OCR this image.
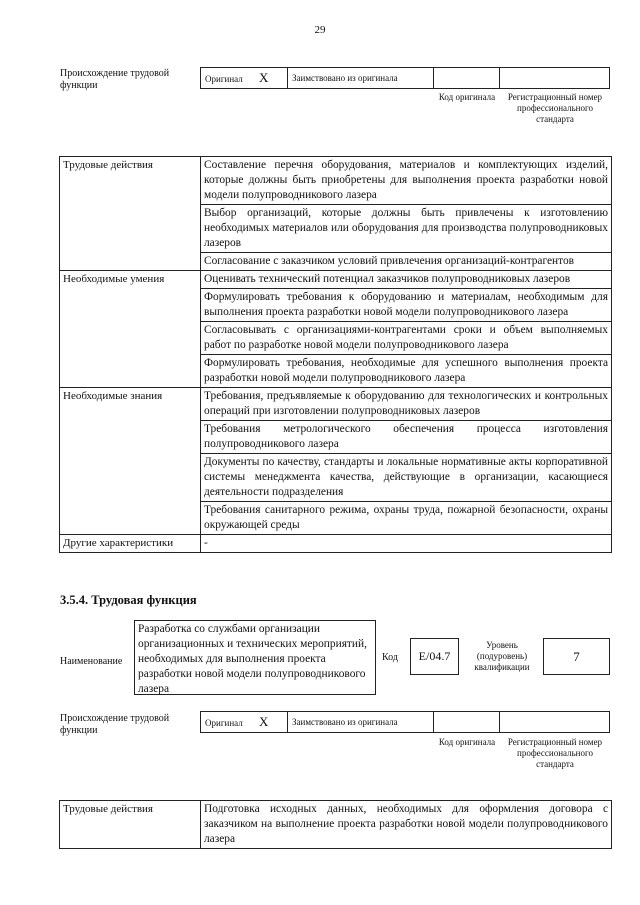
29
Происхождение трудовой функции
Оригинал X	Заимствовано из оригинала
Код оригинала	Регистрационный номер профессионального стандарта
Трудовые действия	Составление перечня оборудования, материалов и комплектующих изделий, которые должны быть приобретены для выполнения проекта разработки новой модели полупроводникового лазера
	Выбор организаций, которые должны быть привлечены к изготовлению необходимых материалов или оборудования для производства полупроводниковых лазеров
	Согласование с заказчиком условий привлечения организаций-контрагентов
Необходимые умения	Оценивать технический потенциал заказчиков полупроводниковых лазеров
	Формулировать требования к оборудованию и материалам, необходимым для выполнения проекта разработки новой модели полупроводникового лазера
	Согласовывать с организациями-контрагентами сроки и объем выполняемых работ по разработке новой модели полупроводникового лазера
	Формулировать требования, необходимые для успешного выполнения проекта разработки новой модели полупроводникового лазера
Необходимые знания	Требования, предъявляемые к оборудованию для технологических и контрольных операций при изготовлении полупроводниковых лазеров
	Требования метрологического обеспечения процесса изготовления полупроводникового лазера
	Документы по качеству, стандарты и локальные нормативные акты корпоративной системы менеджмента качества, действующие в организации, касающиеся деятельности подразделения
	Требования санитарного режима, охраны труда, пожарной безопасности, охраны окружающей среды
Другие характеристики	-
3.5.4. Трудовая функция
Наименование
Разработка со службами организации организационных и технических мероприятий, необходимых для выполнения проекта разработки новой модели полупроводникового лазера
Код	E/04.7
Уровень (подуровень) квалификации
7
Происхождение трудовой функции
Оригинал X	Заимствовано из оригинала
Код оригинала	Регистрационный номер профессионального стандарта
Трудовые действия	Подготовка исходных данных, необходимых для оформления договора с заказчиком на выполнение проекта разработки новой модели полупроводникового лазера
